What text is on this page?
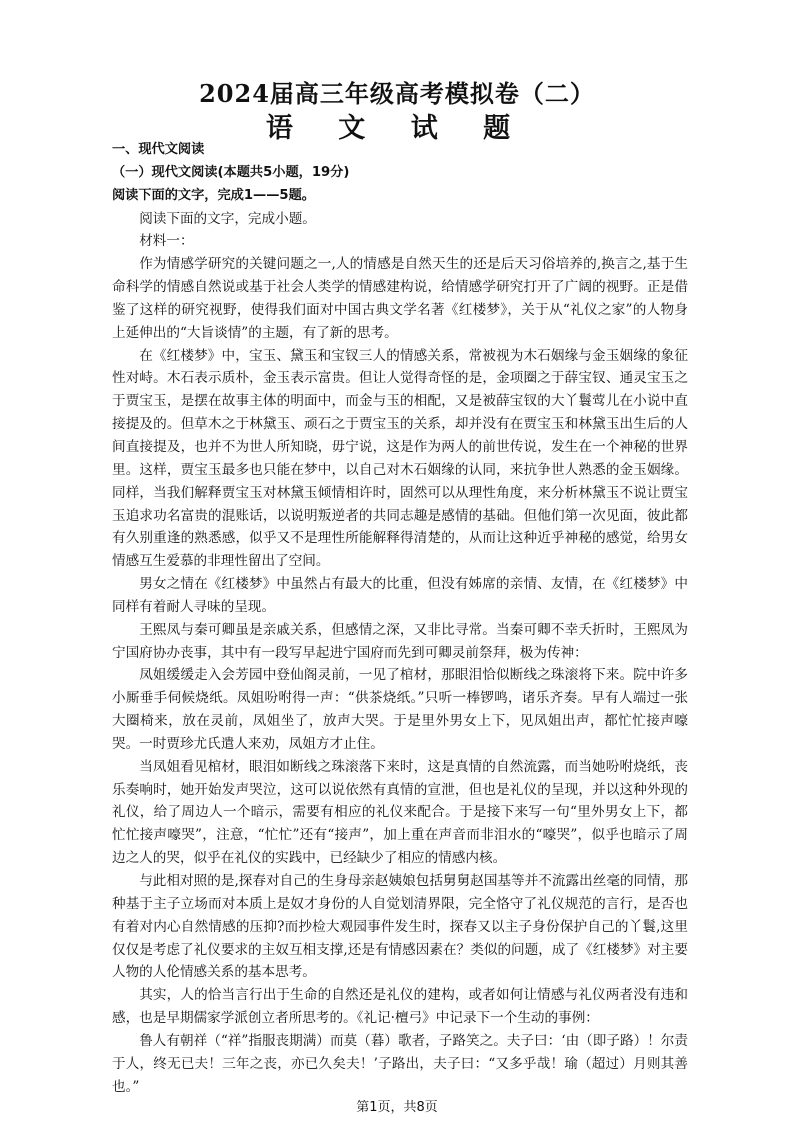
2024届高三年级高考模拟卷（二）
语 文 试 题

一、现代文阅读

（一）现代文阅读(本题共5小题，19分)

阅读下面的文字，完成1——5题。

阅读下面的文字，完成小题。

材料一：

作为情感学研究的关键问题之一,人的情感是自然天生的还是后天习俗培养的,换言之,基于生命科学的情感自然说或基于社会人类学的情感建构说，给情感学研究打开了广阔的视野。正是借鉴了这样的研究视野，使得我们面对中国古典文学名著《红楼梦》，关于从“礼仪之家”的人物身上延伸出的“大旨谈情”的主题，有了新的思考。

在《红楼梦》中，宝玉、黛玉和宝钗三人的情感关系，常被视为木石姻缘与金玉姻缘的象征性对峙。木石表示质朴，金玉表示富贵。但让人觉得奇怪的是，金项圈之于薛宝钗、通灵宝玉之于贾宝玉，是摆在故事主体的明面中，而金与玉的相配，又是被薛宝钗的大丫鬟莺儿在小说中直接提及的。但草木之于林黛玉、顽石之于贾宝玉的关系，却并没有在贾宝玉和林黛玉出生后的人间直接提及，也并不为世人所知晓，毋宁说，这是作为两人的前世传说，发生在一个神秘的世界里。这样，贾宝玉最多也只能在梦中，以自己对木石姻缘的认同，来抗争世人熟悉的金玉姻缘。同样，当我们解释贾宝玉对林黛玉倾情相许时，固然可以从理性角度，来分析林黛玉不说让贾宝玉追求功名富贵的混账话，以说明叛逆者的共同志趣是感情的基础。但他们第一次见面，彼此都有久别重逢的熟悉感，似乎又不是理性所能解释得清楚的，从而让这种近乎神秘的感觉，给男女情感互生爱慕的非理性留出了空间。

男女之情在《红楼梦》中虽然占有最大的比重，但没有姊席的亲情、友情，在《红楼梦》中同样有着耐人寻味的呈现。

王熙凤与秦可卿虽是亲戚关系，但感情之深，又非比寻常。当秦可卿不幸夭折时，王熙凤为宁国府协办丧事，其中有一段写早起进宁国府而先到可卿灵前祭拜，极为传神：

凤姐缓缓走入会芳园中登仙阁灵前，一见了棺材，那眼泪恰似断线之珠滚将下来。院中许多小厮垂手伺候烧纸。凤姐吩咐得一声：“供茶烧纸。”只听一棒锣鸣，诸乐齐奏。早有人端过一张大圈椅来，放在灵前，凤姐坐了，放声大哭。于是里外男女上下，见凤姐出声，都忙忙接声嚎哭。一时贾珍尤氏遣人来劝，凤姐方才止住。

当凤姐看见棺材，眼泪如断线之珠滚落下来时，这是真情的自然流露，而当她吩咐烧纸，丧乐奏响时，她开始发声哭泣，这可以说依然有真情的宣泄，但也是礼仪的呈现，并以这种外现的礼仪，给了周边人一个暗示，需要有相应的礼仪来配合。于是接下来写一句“里外男女上下，都忙忙接声嚎哭”，注意，“忙忙”还有“接声”，加上重在声音而非泪水的“嚎哭”，似乎也暗示了周边之人的哭，似乎在礼仪的实践中，已经缺少了相应的情感内核。

与此相对照的是,探春对自己的生身母亲赵姨娘包括舅舅赵国基等并不流露出丝毫的同情，那种基于主子立场而对本质上是奴才身份的人自觉划清界限，完全恪守了礼仪规范的言行，是否也有着对内心自然情感的压抑?而抄检大观园事件发生时，探春又以主子身份保护自己的丫鬟,这里仅仅是考虑了礼仪要求的主奴互相支撑,还是有情感因素在？类似的问题，成了《红楼梦》对主要人物的人伦情感关系的基本思考。

其实，人的恰当言行出于生命的自然还是礼仪的建构，或者如何让情感与礼仪两者没有违和感，也是早期儒家学派创立者所思考的。《礼记·檀弓》中记录下一个生动的事例：

鲁人有朝祥（“祥”指服丧期满）而莫（暮）歌者，子路笑之。夫子曰：‘由（即子路）！尔责于人，终无已夫！三年之丧，亦已久矣夫！’子路出，夫子曰：“又多乎哉！瑜（超过）月则其善也。”

第1页，共8页
